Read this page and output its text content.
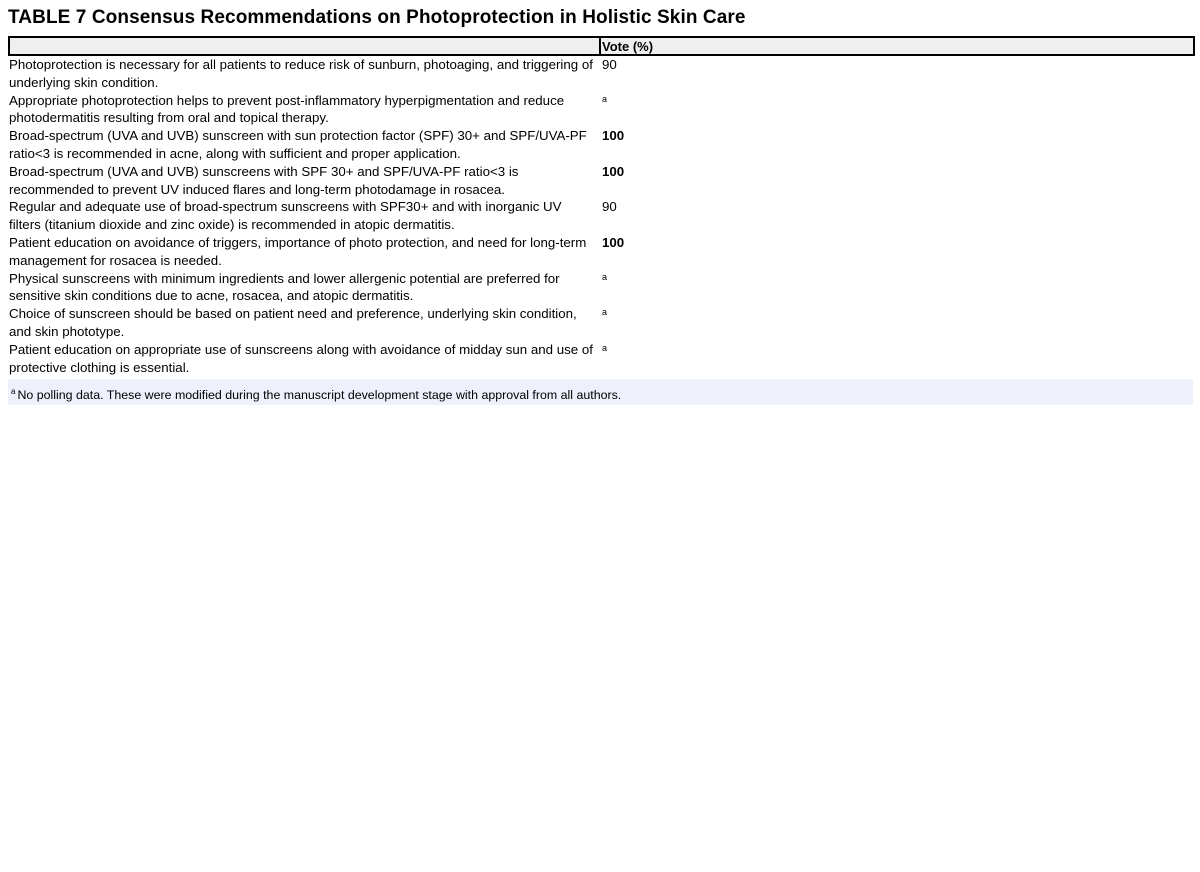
TABLE 7 Consensus Recommendations on Photoprotection in Holistic Skin Care
	Vote (%)
Photoprotection is necessary for all patients to reduce risk of sunburn, photoaging, and triggering of underlying skin condition.	90
Appropriate photoprotection helps to prevent post-inflammatory hyperpigmentation and reduce photodermatitis resulting from oral and topical therapy.	$^a$
Broad-spectrum (UVA and UVB) sunscreen with sun protection factor (SPF) 30+ and SPF/UVA-PF ratio<3 is recommended in acne, along with sufficient and proper application.	100
Broad-spectrum (UVA and UVB) sunscreens with SPF 30+ and SPF/UVA-PF ratio<3 is recommended to prevent UV induced flares and long-term photodamage in rosacea.	100
Regular and adequate use of broad-spectrum sunscreens with SPF30+ and with inorganic UV filters (titanium dioxide and zinc oxide) is recommended in atopic dermatitis.	90
Patient education on avoidance of triggers, importance of photo protection, and need for long-term management for rosacea is needed.	100
Physical sunscreens with minimum ingredients and lower allergenic potential are preferred for sensitive skin conditions due to acne, rosacea, and atopic dermatitis.	$^a$
Choice of sunscreen should be based on patient need and preference, underlying skin condition, and skin phototype.	$^a$
Patient education on appropriate use of sunscreens along with avoidance of midday sun and use of protective clothing is essential.	$^a$
$^a$ No polling data. These were modified during the manuscript development stage with approval from all authors.
